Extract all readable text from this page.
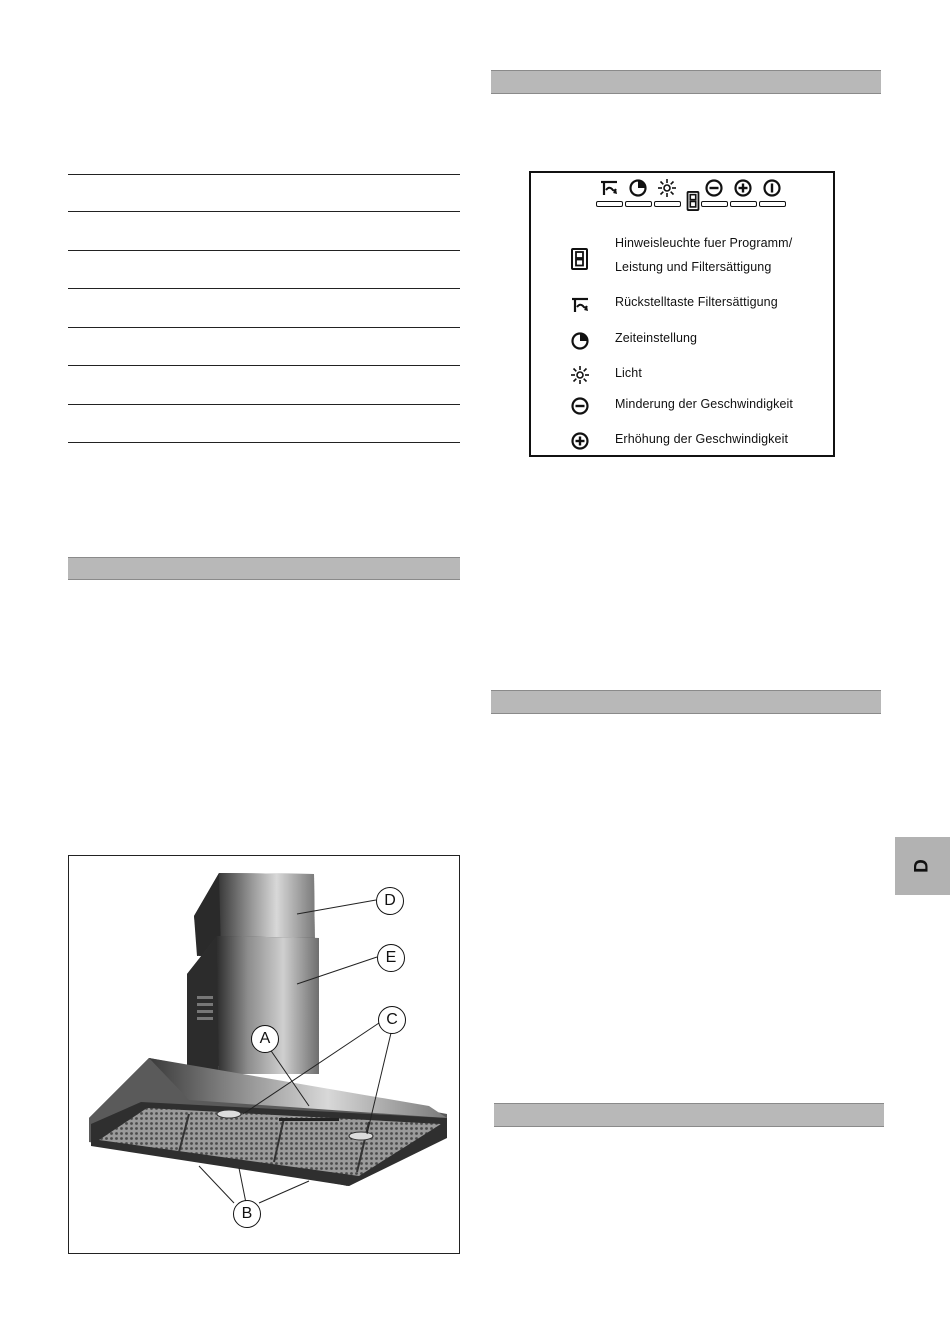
D
Hinweisleuchte fuer Programm/
Leistung und Filtersättigung
Rückstelltaste Filtersättigung
Zeiteinstellung
Licht
Minderung der Geschwindigkeit
Erhöhung der Geschwindigkeit
D
E
C
A
B
